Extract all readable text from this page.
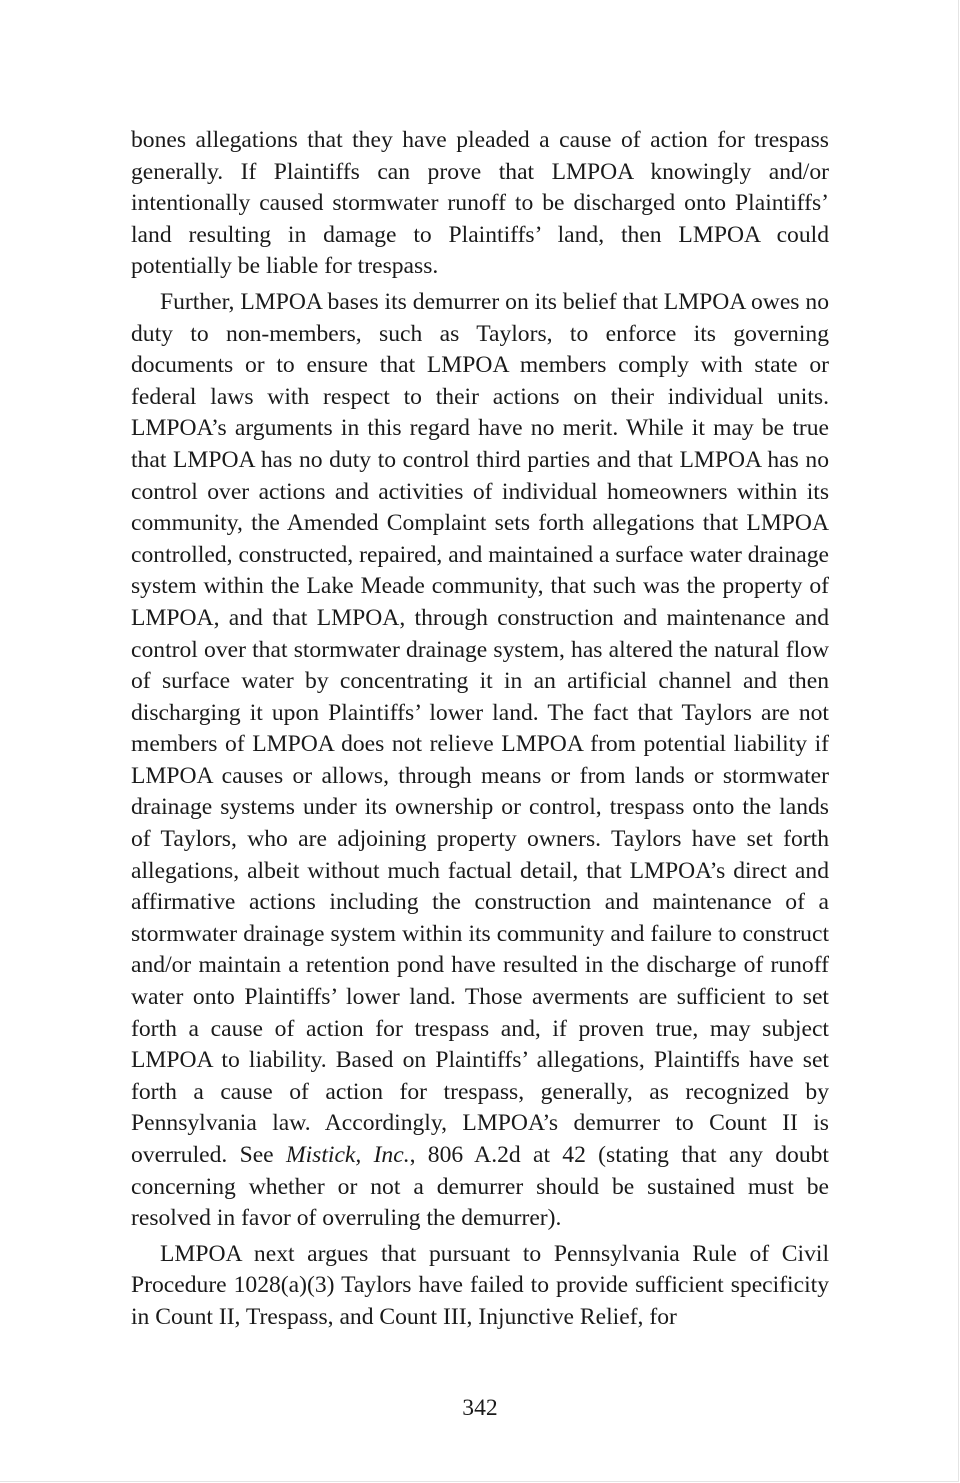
bones allegations that they have pleaded a cause of action for trespass generally. If Plaintiffs can prove that LMPOA knowingly and/or intentionally caused stormwater runoff to be discharged onto Plaintiffs’ land resulting in damage to Plaintiffs’ land, then LMPOA could potentially be liable for trespass.

Further, LMPOA bases its demurrer on its belief that LMPOA owes no duty to non-members, such as Taylors, to enforce its governing documents or to ensure that LMPOA members comply with state or federal laws with respect to their actions on their individual units. LMPOA’s arguments in this regard have no merit. While it may be true that LMPOA has no duty to control third parties and that LMPOA has no control over actions and activities of individual homeowners within its community, the Amended Complaint sets forth allegations that LMPOA controlled, constructed, repaired, and maintained a surface water drainage system within the Lake Meade community, that such was the property of LMPOA, and that LMPOA, through construction and maintenance and control over that stormwater drainage system, has altered the natural flow of surface water by concentrating it in an artificial channel and then discharging it upon Plaintiffs’ lower land. The fact that Taylors are not members of LMPOA does not relieve LMPOA from potential liability if LMPOA causes or allows, through means or from lands or stormwater drainage systems under its ownership or control, trespass onto the lands of Taylors, who are adjoining property owners. Taylors have set forth allegations, albeit without much factual detail, that LMPOA’s direct and affirmative actions including the construction and maintenance of a stormwater drainage system within its community and failure to construct and/or maintain a retention pond have resulted in the discharge of runoff water onto Plaintiffs’ lower land. Those averments are sufficient to set forth a cause of action for trespass and, if proven true, may subject LMPOA to liability. Based on Plaintiffs’ allegations, Plaintiffs have set forth a cause of action for trespass, generally, as recognized by Pennsylvania law. Accordingly, LMPOA’s demurrer to Count II is overruled. See Mistick, Inc., 806 A.2d at 42 (stating that any doubt concerning whether or not a demurrer should be sustained must be resolved in favor of overruling the demurrer).

LMPOA next argues that pursuant to Pennsylvania Rule of Civil Procedure 1028(a)(3) Taylors have failed to provide sufficient specificity in Count II, Trespass, and Count III, Injunctive Relief, for

342
